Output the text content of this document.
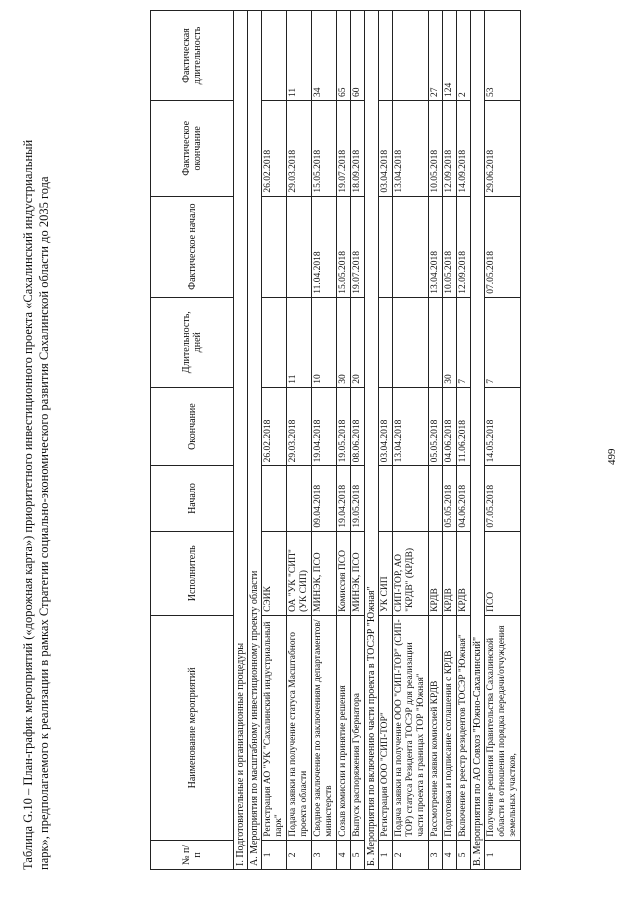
Таблица G.10 – План-график мероприятий («дорожная карта») приоритетного инвестиционного проекта «Сахалинский индустриальный парк», предполагаемого к реализации в рамках Стратегии социально-экономического развития Сахалинской области до 2035 года	№ п/п	Наименование мероприятий	Исполнитель	Начало	Окончание	Длительность, дней	Фактическое начало	Фактическое окончание	Фактическая длительность
I. Подготовительные и организационные процедуры								
А. Мероприятия по масштабному инвестиционному проекту области								
1	Регистрация АО "УК "Сахалинский индустриальный парк"	СЭИК		26.02.2018			26.02.2018	
2	Подача заявки на получение статуса Масштабного проекта области	ОА "УК "СИП" (УК СИП)		29.03.2018	11		29.03.2018	11
3	Сводное заключение по заключениям департаментов/министерств	МИНЭК, ПСО	09.04.2018	19.04.2018	10	11.04.2018	15.05.2018	34
4	Созыв комиссии и принятие решения	Комиссия ПСО	19.04.2018	19.05.2018	30	15.05.2018	19.07.2018	65
5	Выпуск распоряжения Губернатора	МИНЭК, ПСО	19.05.2018	08.06.2018	20	19.07.2018	18.09.2018	60
Б. Мероприятия по включению части проекта в ТОСЭР "Южная"								
1	Регистрация ООО "СИП-ТОР"	УК СИП		03.04.2018			03.04.2018	
2	Подача заявки на получение ООО "СИП-ТОР" (СИП-ТОР) статуса Резидента ТОСЭР для реализации части проекта в границах ТОР "Южная"	СИП-ТОР, АО "КРДВ" (КРДВ)		13.04.2018			13.04.2018	
3	Рассмотрение заявки комиссией КРДВ	КРДВ		05.05.2018		13.04.2018	10.05.2018	27
4	Подготовка и подписание соглашения с КРДВ	КРДВ	05.05.2018	04.06.2018	30	10.05.2018	12.09.2018	124
5	Включение в реестр резидентов ТОСЭР "Южная"	КРДВ	04.06.2018	11.06.2018	7	12.09.2018	14.09.2018	2
В. Мероприятия по АО Совхоз "Южно-Сахалинский"								
1	Получение решения Правительства Сахалинской области в отношении порядка передачи/отчуждения земельных участков,	ПСО	07.05.2018	14.05.2018	7	07.05.2018	29.06.2018	53
499
